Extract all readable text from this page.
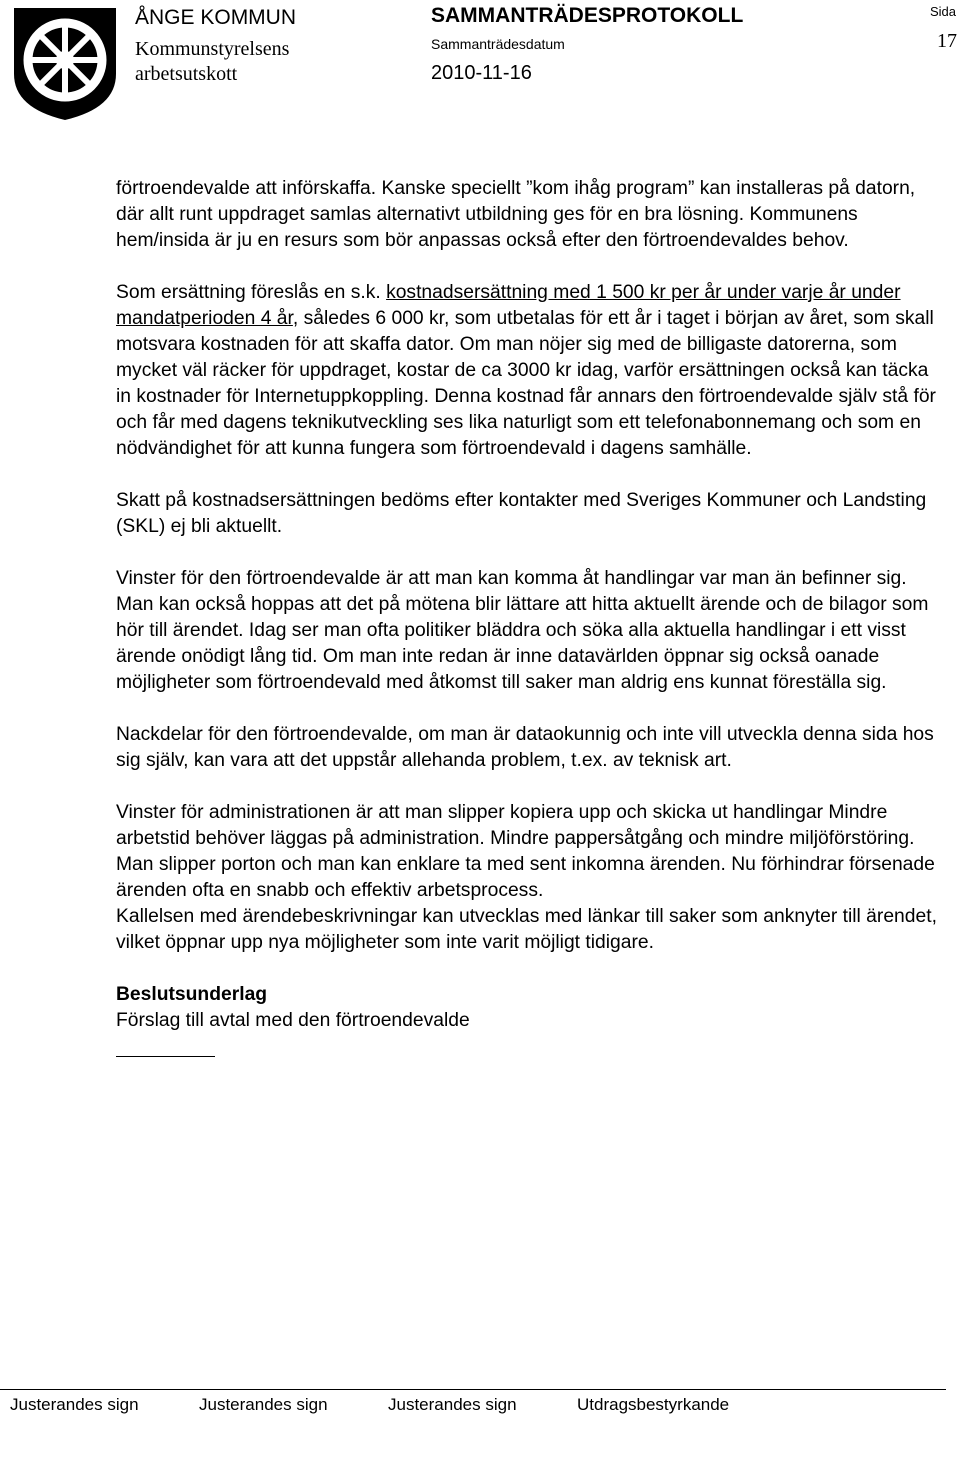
ÅNGE KOMMUN
Kommunstyrelsens
arbetsutskott
SAMMANTRÄDESPROTOKOLL
Sammanträdesdatum
2010-11-16
Sida
17

förtroendevalde att införskaffa. Kanske speciellt ”kom ihåg program” kan installeras på datorn, där allt runt uppdraget samlas alternativt utbildning ges för en bra lösning. Kommunens hem/insida är ju en resurs som bör anpassas också efter den förtroendevaldes behov.

Som ersättning föreslås en s.k. kostnadsersättning med 1 500 kr per år under varje år under mandatperioden 4 år, således 6 000 kr, som utbetalas för ett år i taget i början av året, som skall motsvara kostnaden för att skaffa dator. Om man nöjer sig med de billigaste datorerna, som mycket väl räcker för uppdraget, kostar de ca 3000 kr idag, varför ersättningen också kan täcka in kostnader för Internetuppkoppling. Denna kostnad får annars den förtroendevalde själv stå för och får med dagens teknikutveckling ses lika naturligt som ett telefonabonnemang och som en nödvändighet för att kunna fungera som förtroendevald i dagens samhälle.

Skatt på kostnadsersättningen bedöms efter kontakter med Sveriges Kommuner och Landsting (SKL) ej bli aktuellt.

Vinster för den förtroendevalde är att man kan komma åt handlingar var man än befinner sig. Man kan också hoppas att det på mötena blir lättare att hitta aktuellt ärende och de bilagor som hör till ärendet. Idag ser man ofta politiker bläddra och söka alla aktuella handlingar i ett visst ärende onödigt lång tid. Om man inte redan är inne datavärlden öppnar sig också oanade möjligheter som förtroendevald med åtkomst till saker man aldrig ens kunnat föreställa sig.

Nackdelar för den förtroendevalde, om man är dataokunnig och inte vill utveckla denna sida hos sig själv, kan vara att det uppstår allehanda problem, t.ex. av teknisk art.

Vinster för administrationen är att man slipper kopiera upp och skicka ut handlingar Mindre arbetstid behöver läggas på administration. Mindre pappersåtgång och mindre miljöförstöring. Man slipper porton och man kan enklare ta med sent inkomna ärenden. Nu förhindrar försenade ärenden ofta en snabb och effektiv arbetsprocess.

Kallelsen med ärendebeskrivningar kan utvecklas med länkar till saker som anknyter till ärendet, vilket öppnar upp nya möjligheter som inte varit möjligt tidigare.

Beslutsunderlag
Förslag till avtal med den förtroendevalde
Justerandes sign	Justerandes sign	Justerandes sign	Utdragsbestyrkande
